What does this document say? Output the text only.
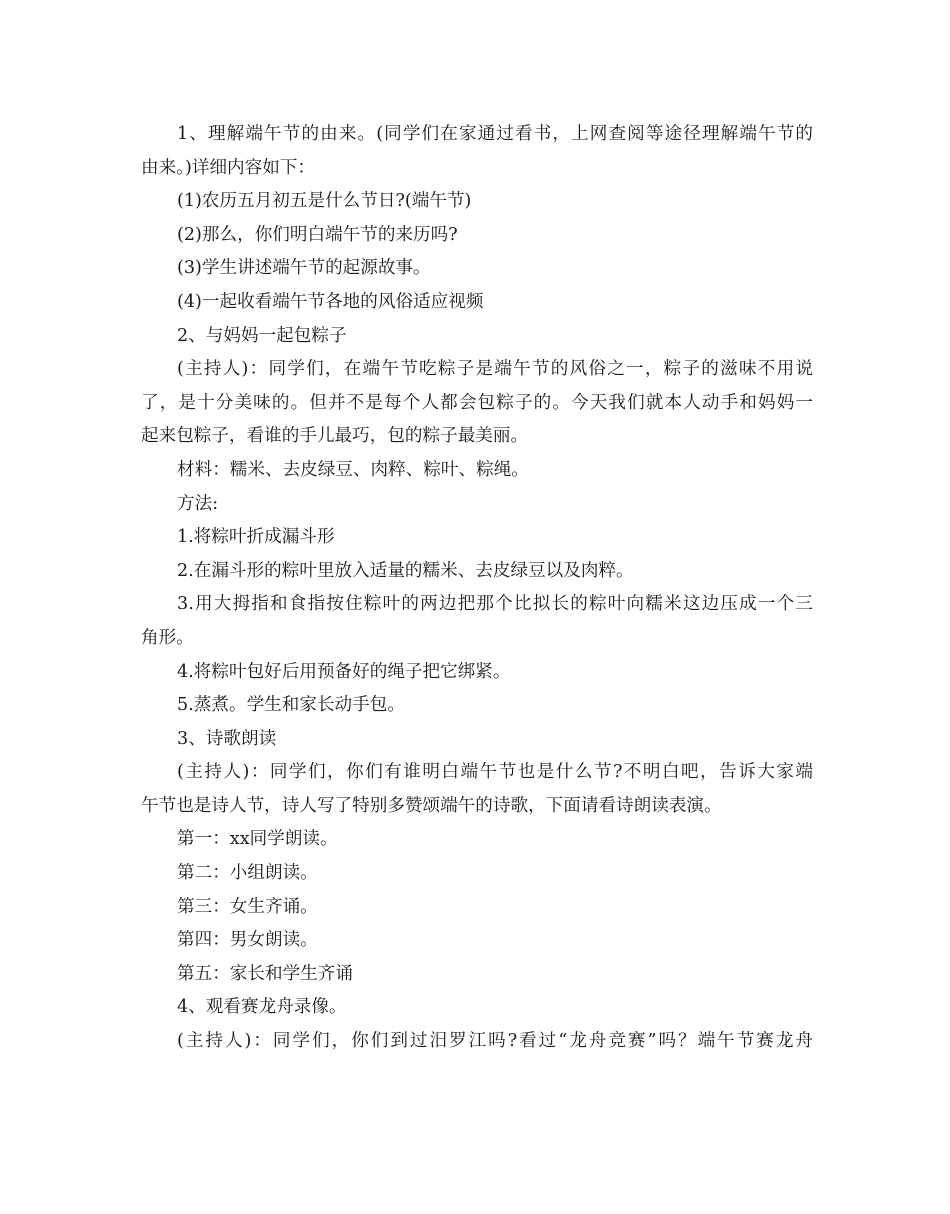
1、理解端午节的由来。(同学们在家通过看书，上网查阅等途径理解端午节的
由来。)详细内容如下：
(1)农历五月初五是什么节日?(端午节)
(2)那么，你们明白端午节的来历吗?
(3)学生讲述端午节的起源故事。
(4)一起收看端午节各地的风俗适应视频
2、与妈妈一起包粽子
(主持人)：同学们，在端午节吃粽子是端午节的风俗之一，粽子的滋味不用说
了，是十分美味的。但并不是每个人都会包粽子的。今天我们就本人动手和妈妈一
起来包粽子，看谁的手儿最巧，包的粽子最美丽。
材料：糯米、去皮绿豆、肉粹、粽叶、粽绳。
方法:
1.将粽叶折成漏斗形
2.在漏斗形的粽叶里放入适量的糯米、去皮绿豆以及肉粹。
3.用大拇指和食指按住粽叶的两边把那个比拟长的粽叶向糯米这边压成一个三
角形。
4.将粽叶包好后用预备好的绳子把它绑紧。
5.蒸煮。学生和家长动手包。
3、诗歌朗读
(主持人)：同学们，你们有谁明白端午节也是什么节?不明白吧，告诉大家端
午节也是诗人节，诗人写了特别多赞颂端午的诗歌，下面请看诗朗读表演。
第一：xx同学朗读。
第二：小组朗读。
第三：女生齐诵。
第四：男女朗读。
第五：家长和学生齐诵
4、观看赛龙舟录像。
(主持人)：同学们，你们到过汨罗江吗?看过“龙舟竞赛”吗？端午节赛龙舟
